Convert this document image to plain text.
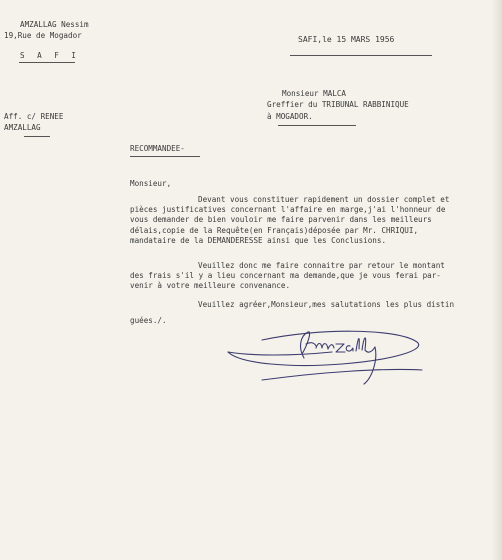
AMZALLAG Nessim
19,Rue de Mogador
S A F I
SAFI,le 15 MARS 1956
Monsieur MALCA
Greffier du TRIBUNAL RABBINIQUE
à MOGADOR.
Aff. c/ RENEE
AMZALLAG
RECOMMANDEE-
Monsieur,
Devant vous constituer rapidement un dossier complet et
pièces justificatives concernant l'affaire en marge,j'ai l'honneur de
vous demander de bien vouloir me faire parvenir dans les meilleurs
délais,copie de la Requête(en Français)déposée par Mr. CHRIQUI,
mandataire de la DEMANDERESSE ainsi que les Conclusions.
Veuillez donc me faire connaitre par retour le montant
des frais s'il y a lieu concernant ma demande,que je vous ferai par-
venir à votre meilleure convenance.
Veuillez agréer,Monsieur,mes salutations les plus distin
guées./.
